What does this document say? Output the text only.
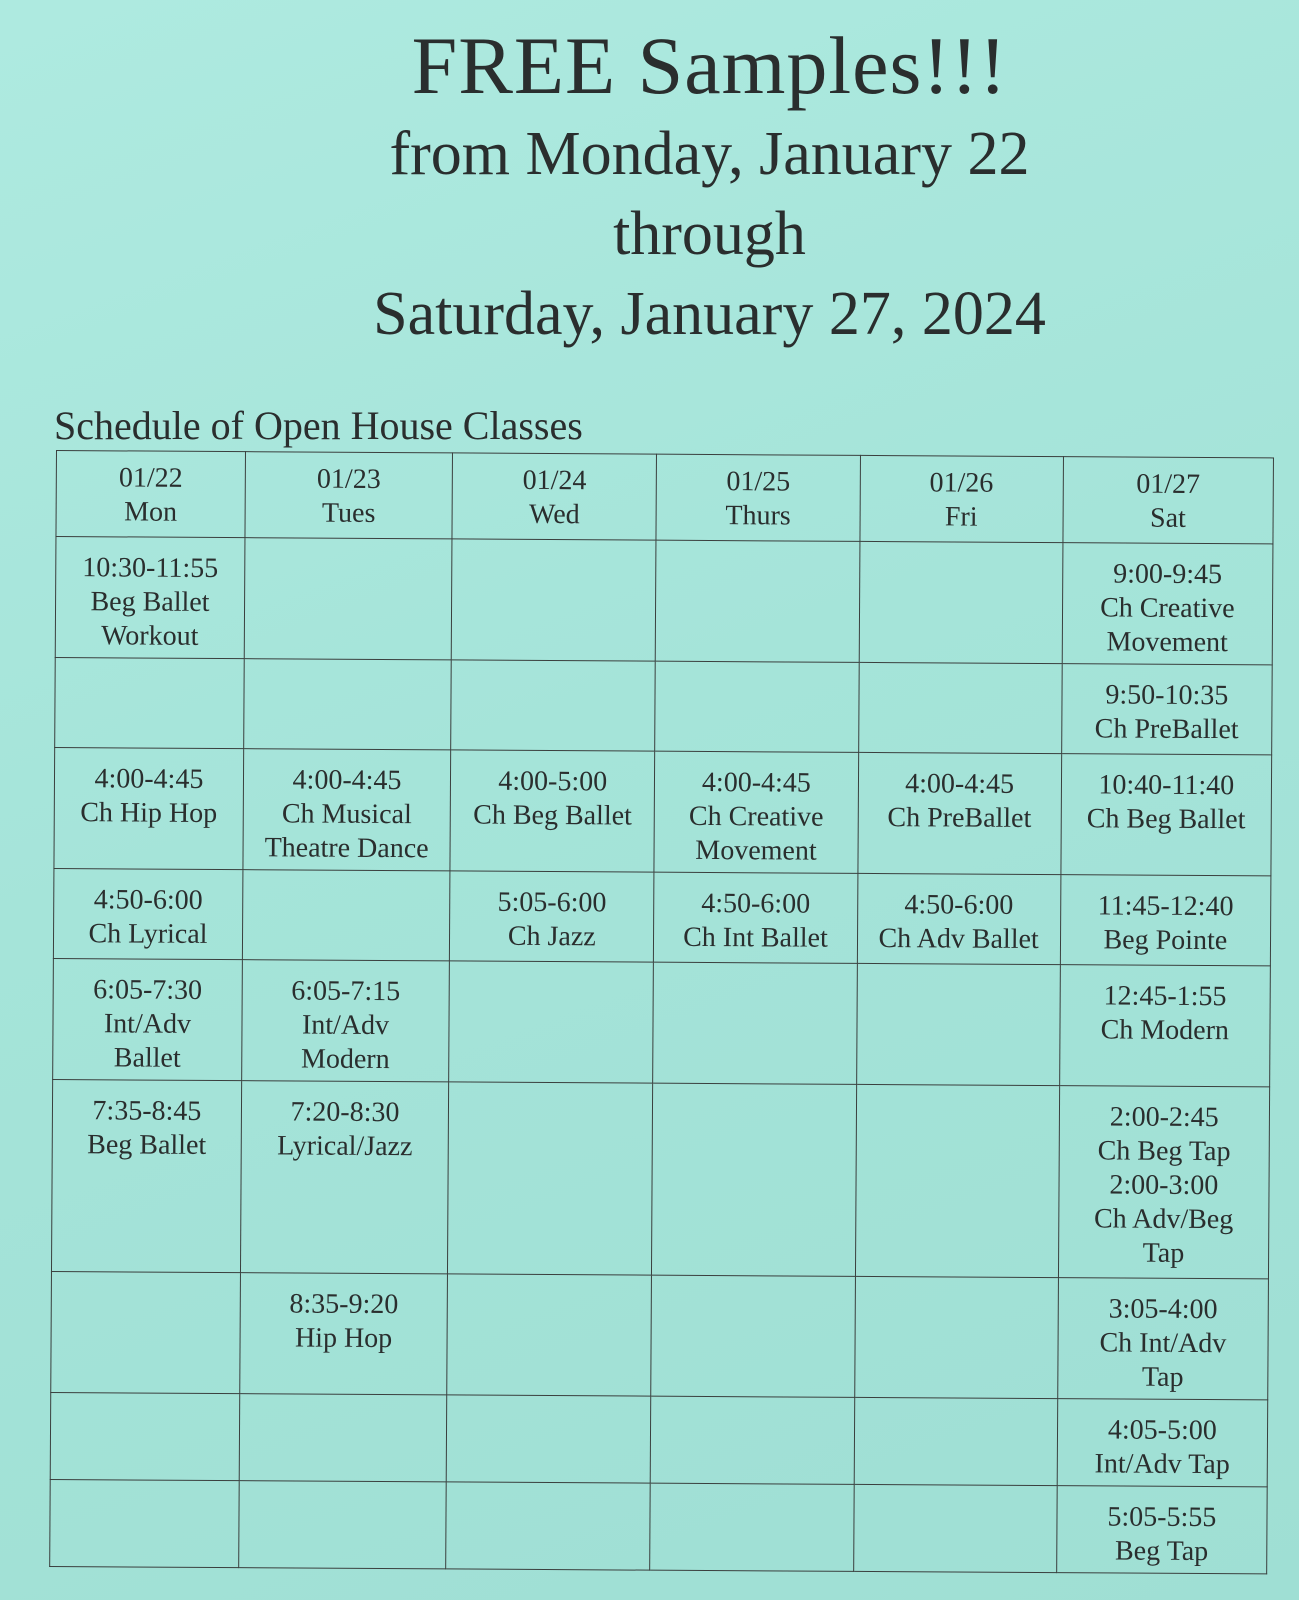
FREE Samples!!!

from Monday, January 22

through

Saturday, January 27, 2024

Schedule of Open House Classes

01/22
Mon	01/23
Tues	01/24
Wed	01/25
Thurs	01/26
Fri	01/27
Sat

10:30-11:55
Beg Ballet
Workout					9:00-9:45
Ch Creative
Movement

					9:50-10:35
Ch PreBallet

4:00-4:45
Ch Hip Hop	4:00-4:45
Ch Musical
Theatre Dance	4:00-5:00
Ch Beg Ballet	4:00-4:45
Ch Creative
Movement	4:00-4:45
Ch PreBallet	10:40-11:40
Ch Beg Ballet

4:50-6:00
Ch Lyrical		5:05-6:00
Ch Jazz	4:50-6:00
Ch Int Ballet	4:50-6:00
Ch Adv Ballet	11:45-12:40
Beg Pointe

6:05-7:30
Int/Adv
Ballet	6:05-7:15
Int/Adv
Modern				12:45-1:55
Ch Modern

7:35-8:45
Beg Ballet	7:20-8:30
Lyrical/Jazz				2:00-2:45
Ch Beg Tap
2:00-3:00
Ch Adv/Beg
Tap

	8:35-9:20
Hip Hop				3:05-4:00
Ch Int/Adv
Tap

					4:05-5:00
Int/Adv Tap

					5:05-5:55
Beg Tap
